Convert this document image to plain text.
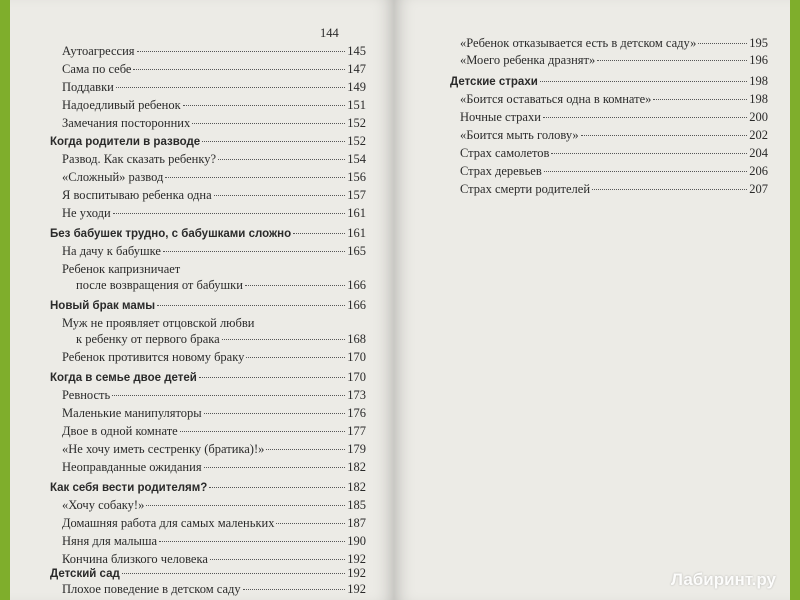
144
Аутоагрессия	145
Сама по себе	147
Поддавки	149
Надоедливый ребенок	151
Замечания посторонних	152
Когда родители в разводе	152
Развод. Как сказать ребенку?	154
«Сложный» развод	156
Я воспитываю ребенка одна	157
Не уходи	161
Без бабушек трудно, с бабушками сложно	161
На дачу к бабушке	165
Ребенок капризничает
после возвращения от бабушки	166
Новый брак мамы	166
Муж не проявляет отцовской любви
к ребенку от первого брака	168
Ребенок противится новому браку	170
Когда в семье двое детей	170
Ревность	173
Маленькие манипуляторы	176
Двое в одной комнате	177
«Не хочу иметь сестренку (братика)!»	179
Неоправданные ожидания	182
Как себя вести родителям?	182
«Хочу собаку!»	185
Домашняя работа для самых маленьких	187
Няня для малыша	190
Кончина близкого человека	192
Детский сад	192
Плохое поведение в детском саду	192
«Ребенок отказывается есть в детском саду»	195
«Моего ребенка дразнят»	196
Детские страхи	198
«Боится оставаться одна в комнате»	198
Ночные страхи	200
«Боится мыть голову»	202
Страх самолетов	204
Страх деревьев	206
Страх смерти родителей	207
Лабиринт.ру
